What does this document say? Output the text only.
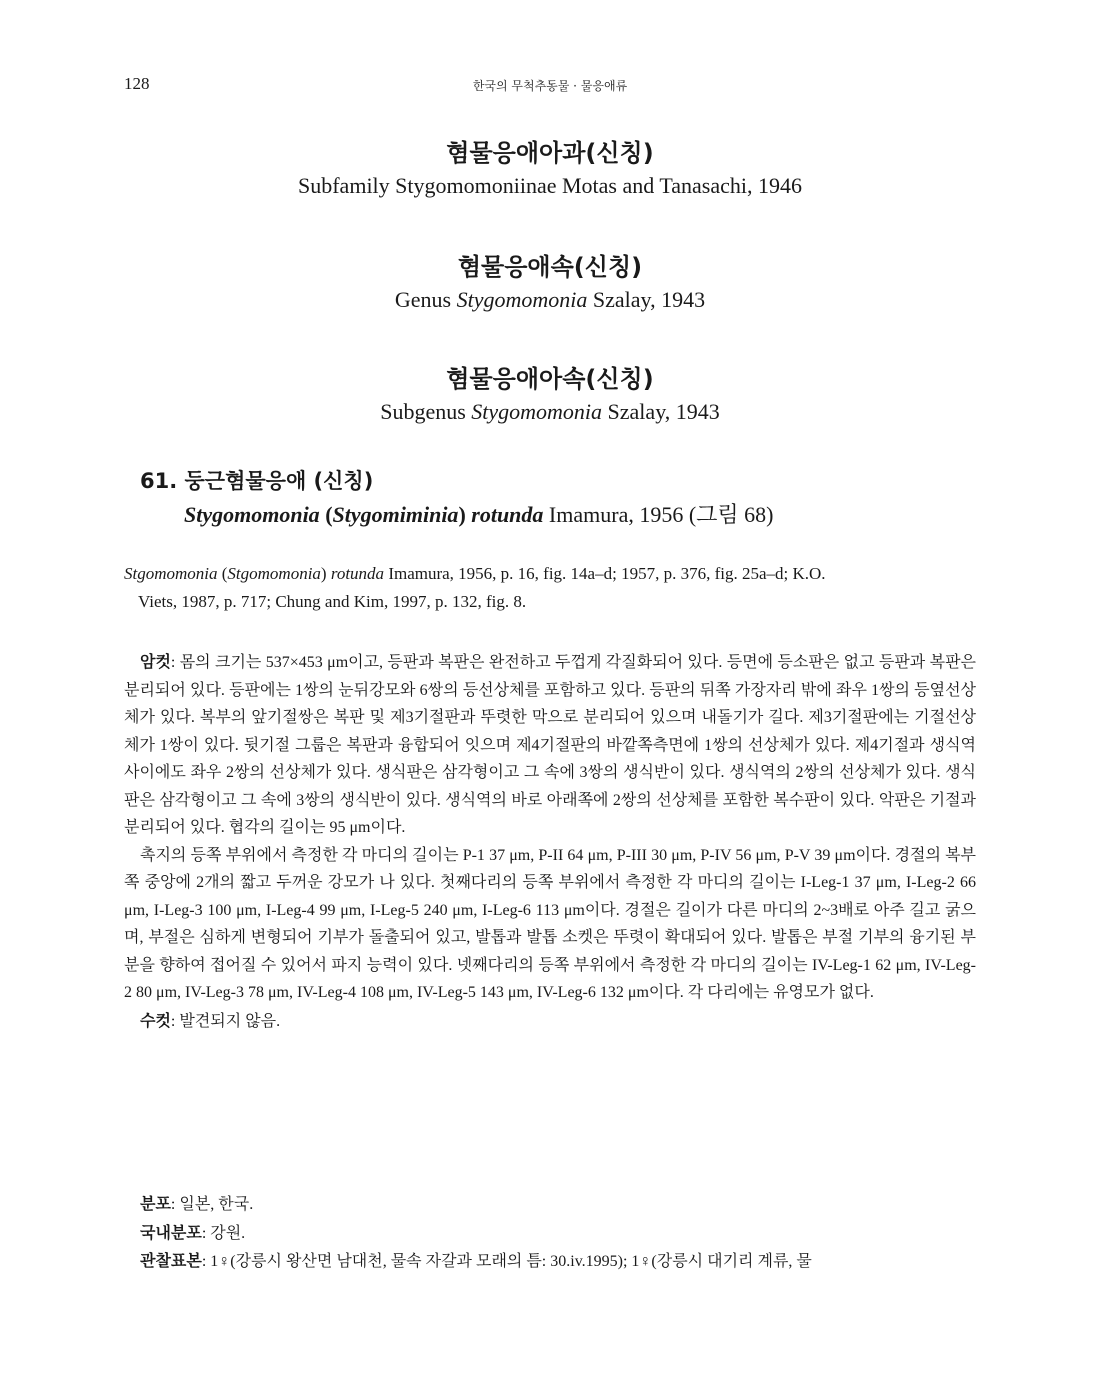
128	한국의 무척추동물 · 물응애류
혐물응애아과(신칭)
Subfamily Stygomomoniinae Motas and Tanasachi, 1946
혐물응애속(신칭)
Genus Stygomomonia Szalay, 1943
혐물응애아속(신칭)
Subgenus Stygomomonia Szalay, 1943
61. 둥근혐물응애 (신칭)
Stygomomonia (Stygomiminia) rotunda Imamura, 1956 (그림 68)
Stgomomonia (Stgomomonia) rotunda Imamura, 1956, p. 16, fig. 14a–d; 1957, p. 376, fig. 25a–d; K.O.
Viets, 1987, p. 717; Chung and Kim, 1997, p. 132, fig. 8.

암컷: 몸의 크기는 537×453 μm이고, 등판과 복판은 완전하고 두껍게 각질화되어 있다. 등면에 등소판은 없고 등판과 복판은 분리되어 있다. 등판에는 1쌍의 눈뒤강모와 6쌍의 등선상체를 포함하고 있다. 등판의 뒤쪽 가장자리 밖에 좌우 1쌍의 등옆선상체가 있다. 복부의 앞기절쌍은 복판 및 제3기절판과 뚜렷한 막으로 분리되어 있으며 내돌기가 길다. 제3기절판에는 기절선상체가 1쌍이 있다. 뒷기절 그룹은 복판과 융합되어 잇으며 제4기절판의 바깥쪽측면에 1쌍의 선상체가 있다. 제4기절과 생식역사이에도 좌우 2쌍의 선상체가 있다. 생식판은 삼각형이고 그 속에 3쌍의 생식반이 있다. 생식역의 2쌍의 선상체가 있다. 생식판은 삼각형이고 그 속에 3쌍의 생식반이 있다. 생식역의 바로 아래쪽에 2쌍의 선상체를 포함한 복수판이 있다. 악판은 기절과 분리되어 있다. 협각의 길이는 95 μm이다.

촉지의 등쪽 부위에서 측정한 각 마디의 길이는 P-1 37 μm, P-II 64 μm, P-III 30 μm, P-IV 56 μm, P-V 39 μm이다. 경절의 복부쪽 중앙에 2개의 짧고 두꺼운 강모가 나 있다. 첫째다리의 등쪽 부위에서 측정한 각 마디의 길이는 I-Leg-1 37 μm, I-Leg-2 66 μm, I-Leg-3 100 μm, I-Leg-4 99 μm, I-Leg-5 240 μm, I-Leg-6 113 μm이다. 경절은 길이가 다른 마디의 2~3배로 아주 길고 굵으며, 부절은 심하게 변형되어 기부가 돌출되어 있고, 발톱과 발톱 소켓은 뚜렷이 확대되어 있다. 발톱은 부절 기부의 융기된 부분을 향하여 접어질 수 있어서 파지 능력이 있다. 넷째다리의 등쪽 부위에서 측정한 각 마디의 길이는 IV-Leg-1 62 μm, IV-Leg-2 80 μm, IV-Leg-3 78 μm, IV-Leg-4 108 μm, IV-Leg-5 143 μm, IV-Leg-6 132 μm이다. 각 다리에는 유영모가 없다.

수컷: 발견되지 않음.

분포: 일본, 한국.

국내분포: 강원.

관찰표본: 1♀(강릉시 왕산면 남대천, 물속 자갈과 모래의 틈: 30.iv.1995); 1♀(강릉시 대기리 계류, 물
